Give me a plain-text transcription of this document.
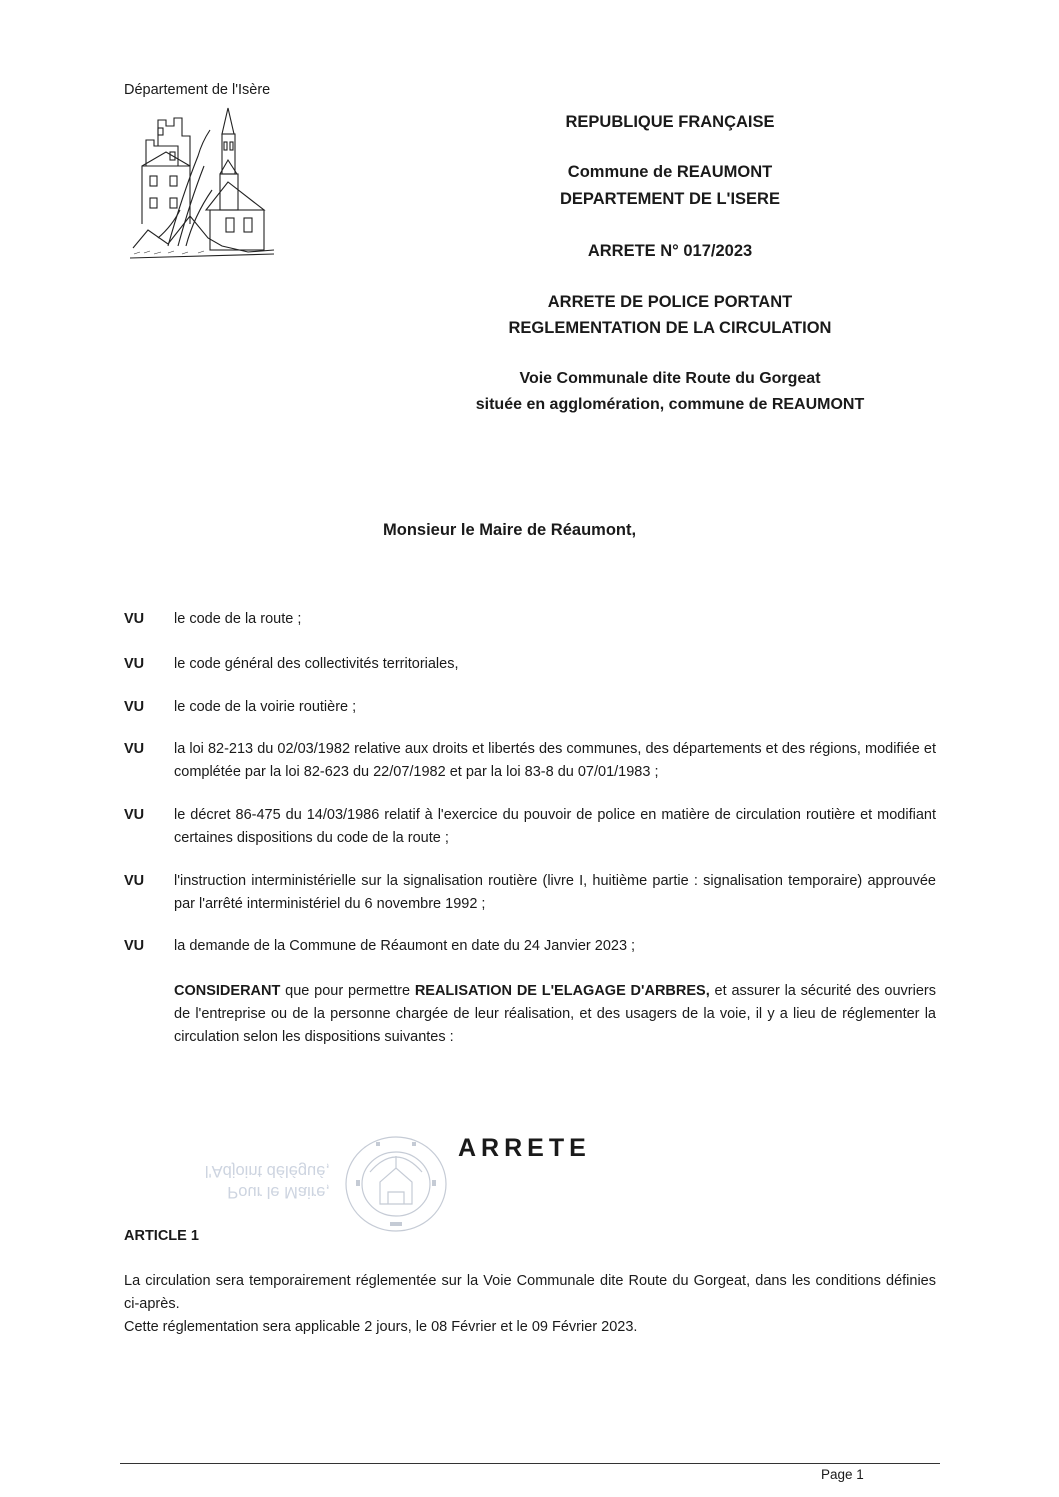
Département de l'Isère
REPUBLIQUE FRANÇAISE
Commune de REAUMONT
DEPARTEMENT DE L'ISERE
ARRETE N° 017/2023
ARRETE DE POLICE PORTANT
REGLEMENTATION DE LA CIRCULATION
Voie Communale dite Route du Gorgeat
située en agglomération, commune de REAUMONT
Monsieur le Maire de Réaumont,
VU le code de la route ;
VU le code général des collectivités territoriales,
VU le code de la voirie routière ;
VU la loi 82-213 du 02/03/1982 relative aux droits et libertés des communes, des départements et des régions, modifiée et complétée par la loi 82-623 du 22/07/1982 et par la loi 83-8 du 07/01/1983 ;
VU le décret 86-475 du 14/03/1986 relatif à l'exercice du pouvoir de police en matière de circulation routière et modifiant certaines dispositions du code de la route ;
VU l'instruction interministérielle sur la signalisation routière (livre I, huitième partie : signalisation temporaire) approuvée par l'arrêté interministériel du 6 novembre 1992 ;
VU la demande de la Commune de Réaumont en date du 24 Janvier 2023 ;
CONSIDERANT que pour permettre REALISATION DE L'ELAGAGE D'ARBRES, et assurer la sécurité des ouvriers de l'entreprise ou de la personne chargée de leur réalisation, et des usagers de la voie, il y a lieu de réglementer la circulation selon les dispositions suivantes :
Pour le Maire,
l'Adjoint délégué,
ARRETE
ARTICLE 1
La circulation sera temporairement réglementée sur la Voie Communale dite Route du Gorgeat, dans les conditions définies ci-après.
Cette réglementation sera applicable 2 jours, le 08 Février et le 09 Février 2023.
Page 1
